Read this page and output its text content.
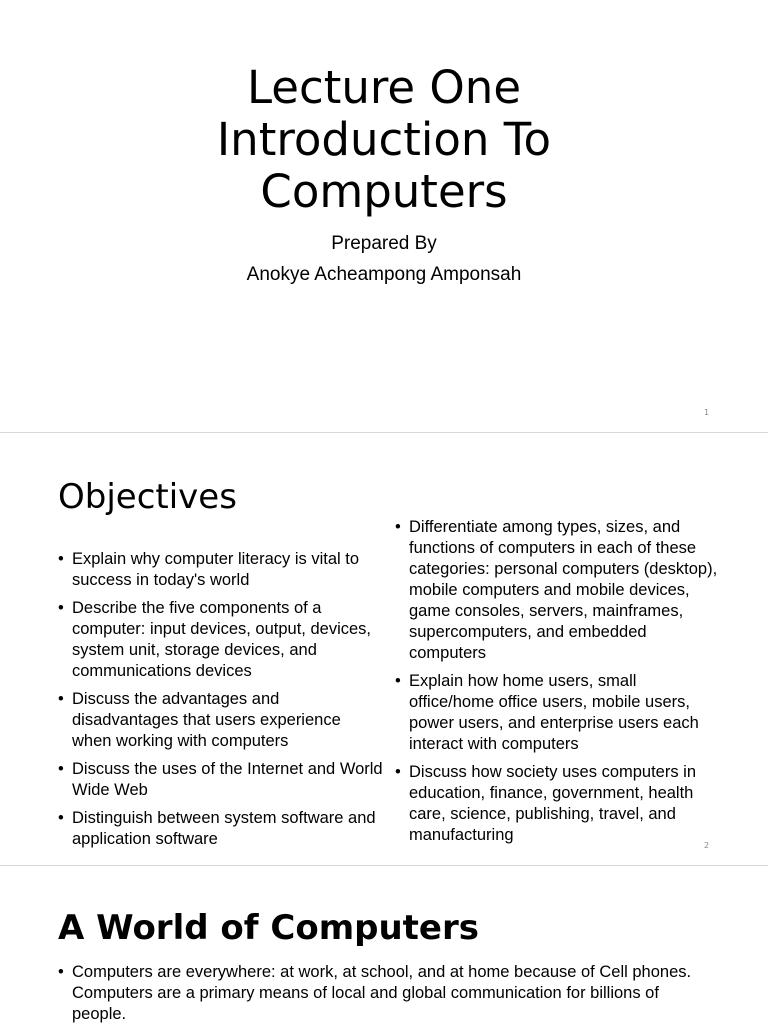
Lecture One
Introduction To
Computers
Prepared By
Anokye Acheampong Amponsah
1
Objectives
• Explain why computer literacy is vital to success in today's world
• Describe the five components of a computer: input devices, output, devices, system unit, storage devices, and communications devices
• Discuss the advantages and disadvantages that users experience when working with computers
• Discuss the uses of the Internet and World Wide Web
• Distinguish between system software and application software
• Differentiate among types, sizes, and functions of computers in each of these categories: personal computers (desktop), mobile computers and mobile devices, game consoles, servers, mainframes, supercomputers, and embedded computers
• Explain how home users, small office/home office users, mobile users, power users, and enterprise users each interact with computers
• Discuss how society uses computers in education, finance, government, health care, science, publishing, travel, and manufacturing
2
A World of Computers
• Computers are everywhere: at work, at school, and at home because of Cell phones. Computers are a primary means of local and global communication for billions of people.
